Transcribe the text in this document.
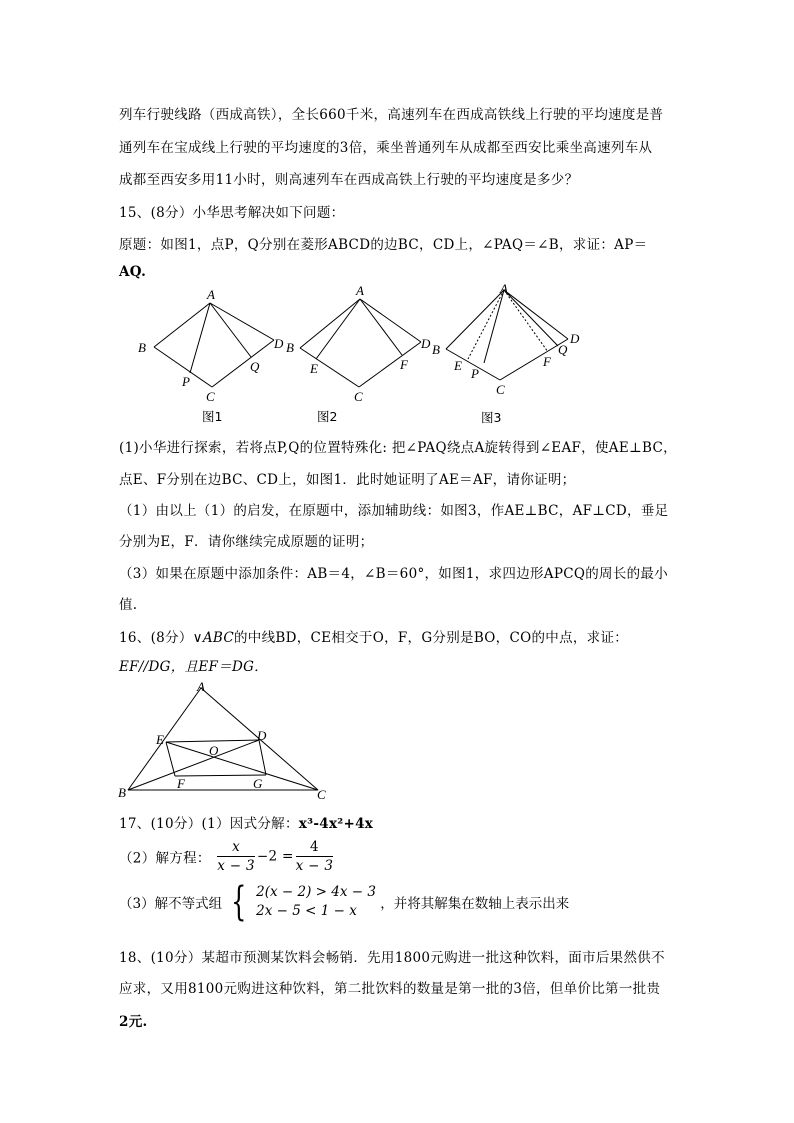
列车行驶线路（西成高铁），全长660千米，高速列车在西成高铁线上行驶的平均速度是普
通列车在宝成线上行驶的平均速度的3倍，乘坐普通列车从成都至西安比乘坐高速列车从
成都至西安多用11小时，则高速列车在西成高铁上行驶的平均速度是多少？
15、(8分）小华思考解决如下问题：
原题：如图1，点P，Q分别在菱形ABCD的边BC，CD上，∠PAQ＝∠B，求证：AP＝
AQ.
A
B	D
P
Q
C
图1
A
B	D
E	F
C
图2
A
B
D
E
P
F
Q
C
图3
(1)小华进行探索，若将点P,Q的位置特殊化: 把∠PAQ绕点A旋转得到∠EAF，使AE⊥BC，
点E、F分别在边BC、CD上，如图1．此时她证明了AE＝AF，请你证明；
（1）由以上（1）的启发，在原题中，添加辅助线：如图3，作AE⊥BC，AF⊥CD，垂足
分别为E，F．请你继续完成原题的证明；
（3）如果在原题中添加条件：AB＝4，∠B＝60°，如图1，求四边形APCQ的周长的最小
值.
16、(8分）∨ABC的中线BD，CE相交于O，F，G分别是BO，CO的中点，求证：
EF//DG，且EF＝DG．
A
E	D
O
F	G
B	C
17、(10分）(1）因式分解：x³-4x²+4x
（2）解方程： $\frac{x}{x - 3} -2 = \frac{4}{x - 3}$
（3）解不等式组 { 2(x − 2) > 4x − 3
2x − 5 < 1 − x	，并将其解集在数轴上表示出来
18、(10分）某超市预测某饮料会畅销．先用1800元购进一批这种饮料，面市后果然供不
应求，又用8100元购进这种饮料，第二批饮料的数量是第一批的3倍，但单价比第一批贵
2元.
